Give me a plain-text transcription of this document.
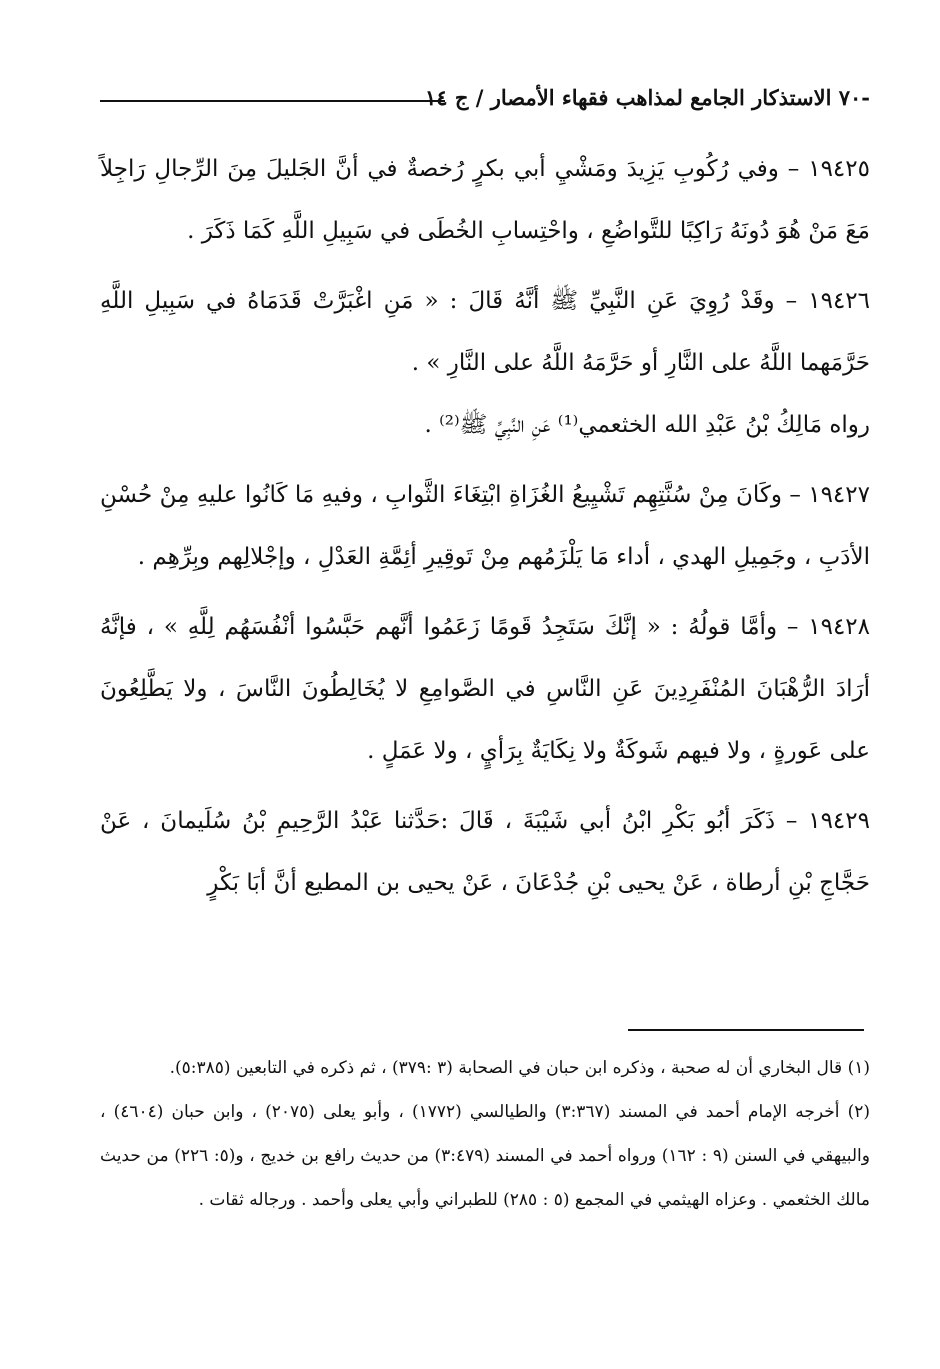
-٧٠ الاستذكار الجامع لمذاهب فقهاء الأمصار / ج ١٤

١٩٤٢٥ – وفي رُكُوبِ يَزِيدَ ومَشْيِ أبي بكرٍ رُخصةٌ في أنَّ الجَليلَ مِنَ الرِّجالِ رَاجِلاً مَعَ مَنْ هُوَ دُونَهُ رَاكِبًا للتَّواضُعِ ، واحْتِسابِ الخُطَى في سَبِيلِ اللَّهِ كَمَا ذَكَرَ .

١٩٤٢٦ – وقَدْ رُوِيَ عَنِ النَّبِيِّ ﷺ أنَّهُ قَالَ : « مَنِ اغْبَرَّتْ قَدَمَاهُ في سَبِيلِ اللَّهِ حَرَّمَهما اللَّهُ على النَّارِ أو حَرَّمَهُ اللَّهُ على النَّارِ » .

رواه مَالِكُ بْنُ عَبْدِ الله الخثعمي⁽¹⁾ عَنِ النَّبِيِّ ﷺ⁽²⁾ .

١٩٤٢٧ – وكَانَ مِنْ سُنَّتِهِم تَشْيِيعُ الغُزَاةِ ابْتِغَاءَ الثَّوابِ ، وفيهِ مَا كَانُوا عليهِ مِنْ حُسْنِ الأدَبِ ، وجَمِيلِ الهدي ، أداء مَا يَلْزَمُهم مِنْ تَوقِيرِ أئِمَّةِ العَدْلِ ، وإجْلالِهم وبِرِّهِم .

١٩٤٢٨ – وأمَّا قولُهُ : « إنَّكَ سَتَجِدُ قَومًا زَعَمُوا أنَّهم حَبَّسُوا أنْفُسَهُم لِلَّهِ » ، فإنَّهُ أرَادَ الرُّهْبَانَ المُنْفَرِدِينَ عَنِ النَّاسِ في الصَّوامِعِ لا يُخَالِطُونَ النَّاسَ ، ولا يَطَّلِعُونَ على عَورةٍ ، ولا فيهم شَوكَةٌ ولا نِكَايَةٌ بِرَأيٍ ، ولا عَمَلٍ .

١٩٤٢٩ – ذَكَرَ أبُو بَكْرِ ابْنُ أبي شَيْبَةَ ، قَالَ :حَدَّثنا عَبْدُ الرَّحِيمِ بْنُ سُلَيمانَ ، عَنْ حَجَّاجِ بْنِ أرطاة ، عَنْ يحيى بْنِ جُدْعَانَ ، عَنْ يحيى بن المطيع أنَّ أبَا بَكْرٍ

(١) قال البخاري أن له صحبة ، وذكره ابن حبان في الصحابة (٣ :٣٧٩) ، ثم ذكره في التابعين (٥:٣٨٥).

(٢) أخرجه الإمام أحمد في المسند (٣:٣٦٧) والطيالسي (١٧٧٢) ، وأبو يعلى (٢٠٧٥) ، وابن حبان (٤٦٠٤) ، والبيهقي في السنن (٩ : ١٦٢) ورواه أحمد في المسند (٣:٤٧٩) من حديث رافع بن خديج ، و(٥: ٢٢٦) من حديث مالك الخثعمي . وعزاه الهيثمي في المجمع (٥ : ٢٨٥) للطبراني وأبي يعلى وأحمد . ورجاله ثقات .
